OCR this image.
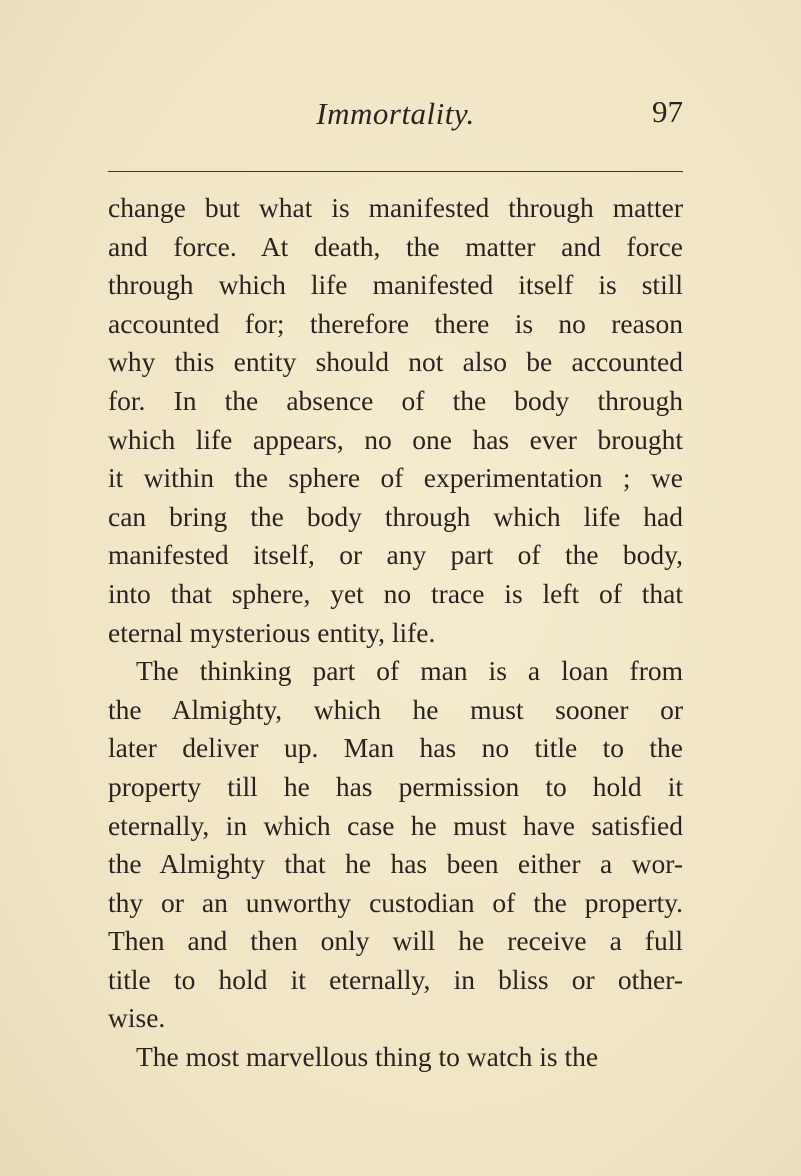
Immortality.	97
change but what is manifested through matter
and force. At death, the matter and force
through which life manifested itself is still
accounted for; therefore there is no reason
why this entity should not also be accounted
for. In the absence of the body through
which life appears, no one has ever brought
it within the sphere of experimentation ; we
can bring the body through which life had
manifested itself, or any part of the body,
into that sphere, yet no trace is left of that
eternal mysterious entity, life.
The thinking part of man is a loan from
the Almighty, which he must sooner or
later deliver up. Man has no title to the
property till he has permission to hold it
eternally, in which case he must have satisfied
the Almighty that he has been either a wor-
thy or an unworthy custodian of the property.
Then and then only will he receive a full
title to hold it eternally, in bliss or other-
wise.
The most marvellous thing to watch is the
